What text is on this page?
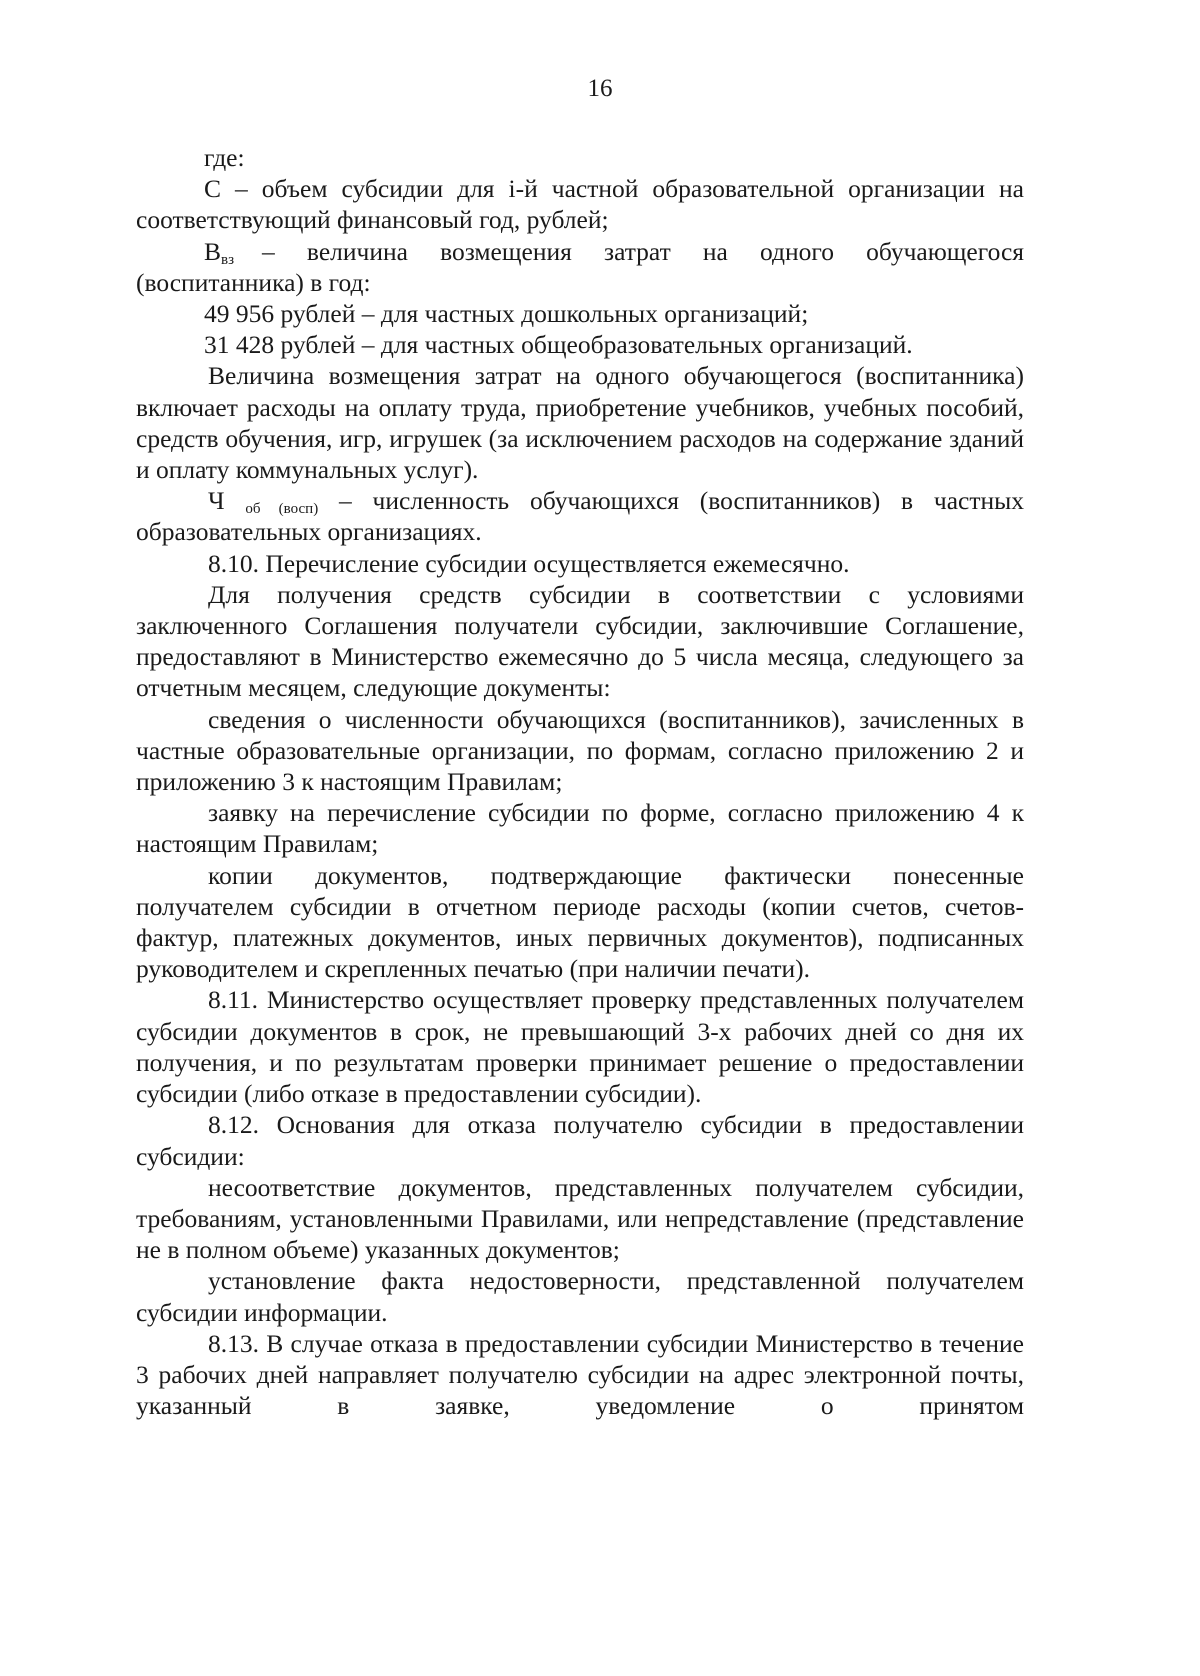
16

где:

С – объем субсидии для i-й частной образовательной организации на соответствующий финансовый год, рублей;

$В_{вз}$ – величина возмещения затрат на одного обучающегося (воспитанника) в год:

49 956 рублей – для частных дошкольных организаций;

31 428 рублей – для частных общеобразовательных организаций.

Величина возмещения затрат на одного обучающегося (воспитанника) включает расходы на оплату труда, приобретение учебников, учебных пособий, средств обучения, игр, игрушек (за исключением расходов на содержание зданий и оплату коммунальных услуг).

Ч $_{об (восп)}$ – численность обучающихся (воспитанников) в частных образовательных организациях.

8.10. Перечисление субсидии осуществляется ежемесячно.

Для получения средств субсидии в соответствии с условиями заключенного Соглашения получатели субсидии, заключившие Соглашение, предоставляют в Министерство ежемесячно до 5 числа месяца, следующего за отчетным месяцем, следующие документы:

сведения о численности обучающихся (воспитанников), зачисленных в частные образовательные организации, по формам, согласно приложению 2 и приложению 3 к настоящим Правилам;

заявку на перечисление субсидии по форме, согласно приложению 4 к настоящим Правилам;

копии документов, подтверждающие фактически понесенные получателем субсидии в отчетном периоде расходы (копии счетов, счетов-фактур, платежных документов, иных первичных документов), подписанных руководителем и скрепленных печатью (при наличии печати).

8.11. Министерство осуществляет проверку представленных получателем субсидии документов в срок, не превышающий 3-х рабочих дней со дня их получения, и по результатам проверки принимает решение о предоставлении субсидии (либо отказе в предоставлении субсидии).

8.12. Основания для отказа получателю субсидии в предоставлении субсидии:

несоответствие документов, представленных получателем субсидии, требованиям, установленными Правилами, или непредставление (представление не в полном объеме) указанных документов;

установление факта недостоверности, представленной получателем субсидии информации.

8.13. В случае отказа в предоставлении субсидии Министерство в течение 3 рабочих дней направляет получателю субсидии на адрес электронной почты, указанный в заявке, уведомление о принятом
